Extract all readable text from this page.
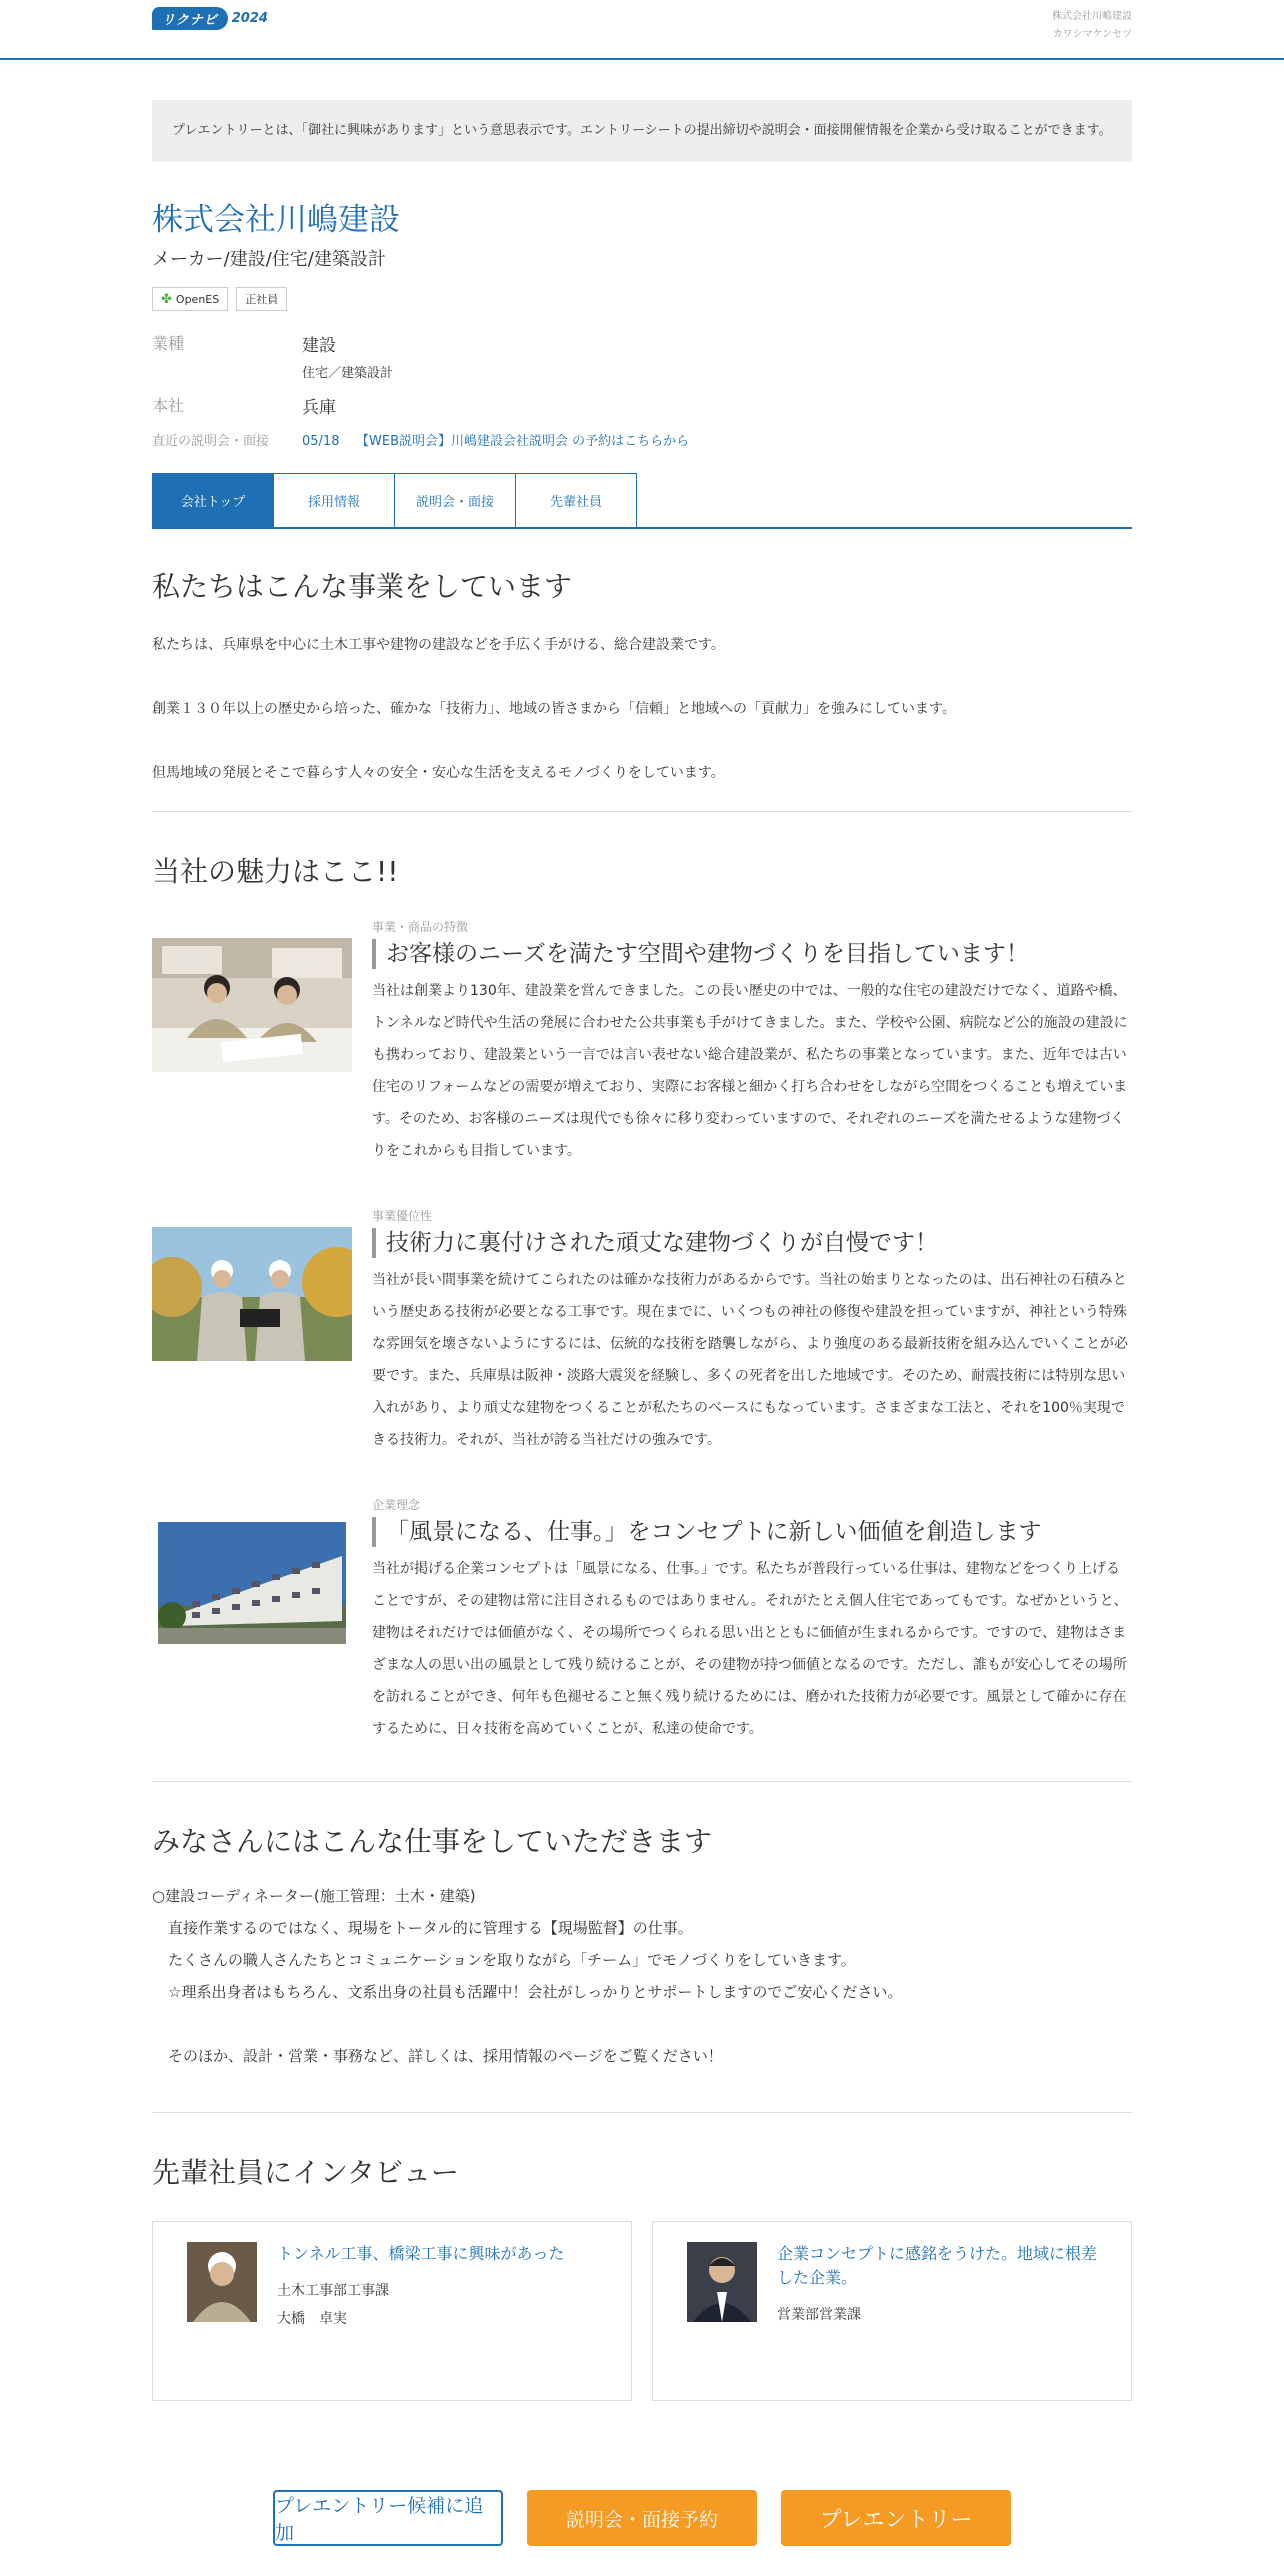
リクナビ	2024	株式会社川嶋建設
カワシマケンセツ
プレエントリーとは、「御社に興味があります」という意思表示です。エントリーシートの提出締切や説明会・面接開催情報を企業から受け取ることができます。
株式会社川嶋建設
メーカー/建設/住宅/建築設計
✤ OpenES	正社員
業種	建設
住宅／建築設計
本社	兵庫
直近の説明会・面接	05/18 【WEB説明会】川嶋建設会社説明会 の予約はこちらから
会社トップ	採用情報	説明会・面接	先輩社員
私たちはこんな事業をしています

私たちは、兵庫県を中心に土木工事や建物の建設などを手広く手がける、総合建設業です。

創業１３０年以上の歴史から培った、確かな「技術力」、地域の皆さまから「信頼」と地域への「貢献力」を強みにしています。

但馬地域の発展とそこで暮らす人々の安全・安心な生活を支えるモノづくりをしています。

当社の魅力はここ!!
事業・商品の特徴
お客様のニーズを満たす空間や建物づくりを目指しています！
当社は創業より130年、建設業を営んできました。この長い歴史の中では、一般的な住宅の建設だけでなく、道路や橋、トンネルなど時代や生活の発展に合わせた公共事業も手がけてきました。また、学校や公園、病院など公的施設の建設にも携わっており、建設業という一言では言い表せない総合建設業が、私たちの事業となっています。また、近年では古い住宅のリフォームなどの需要が増えており、実際にお客様と細かく打ち合わせをしながら空間をつくることも増えています。そのため、お客様のニーズは現代でも徐々に移り変わっていますので、それぞれのニーズを満たせるような建物づくりをこれからも目指しています。
事業優位性
技術力に裏付けされた頑丈な建物づくりが自慢です！
当社が長い間事業を続けてこられたのは確かな技術力があるからです。当社の始まりとなったのは、出石神社の石積みという歴史ある技術が必要となる工事です。現在までに、いくつもの神社の修復や建設を担っていますが、神社という特殊な雰囲気を壊さないようにするには、伝統的な技術を踏襲しながら、より強度のある最新技術を組み込んでいくことが必要です。また、兵庫県は阪神・淡路大震災を経験し、多くの死者を出した地域です。そのため、耐震技術には特別な思い入れがあり、より頑丈な建物をつくることが私たちのベースにもなっています。さまざまな工法と、それを100％実現できる技術力。それが、当社が誇る当社だけの強みです。
企業理念
「風景になる、仕事。」をコンセプトに新しい価値を創造します
当社が掲げる企業コンセプトは「風景になる、仕事。」です。私たちが普段行っている仕事は、建物などをつくり上げることですが、その建物は常に注目されるものではありません。それがたとえ個人住宅であってもです。なぜかというと、建物はそれだけでは価値がなく、その場所でつくられる思い出とともに価値が生まれるからです。ですので、建物はさまざまな人の思い出の風景として残り続けることが、その建物が持つ価値となるのです。ただし、誰もが安心してその場所を訪れることができ、何年も色褪せること無く残り続けるためには、磨かれた技術力が必要です。風景として確かに存在するために、日々技術を高めていくことが、私達の使命です。
みなさんにはこんな仕事をしていただきます
○建設コーディネーター(施工管理：土木・建築)
直接作業するのではなく、現場をトータル的に管理する【現場監督】の仕事。
たくさんの職人さんたちとコミュニケーションを取りながら「チーム」でモノづくりをしていきます。
☆理系出身者はもちろん、文系出身の社員も活躍中！会社がしっかりとサポートしますのでご安心ください。
そのほか、設計・営業・事務など、詳しくは、採用情報のページをご覧ください！
先輩社員にインタビュー
トンネル工事、橋梁工事に興味があった
土木工事部工事課
大橋　卓実
企業コンセプトに感銘をうけた。地域に根差した企業。
営業部営業課
プレエントリー候補に追加
説明会・面接予約	プレエントリー
